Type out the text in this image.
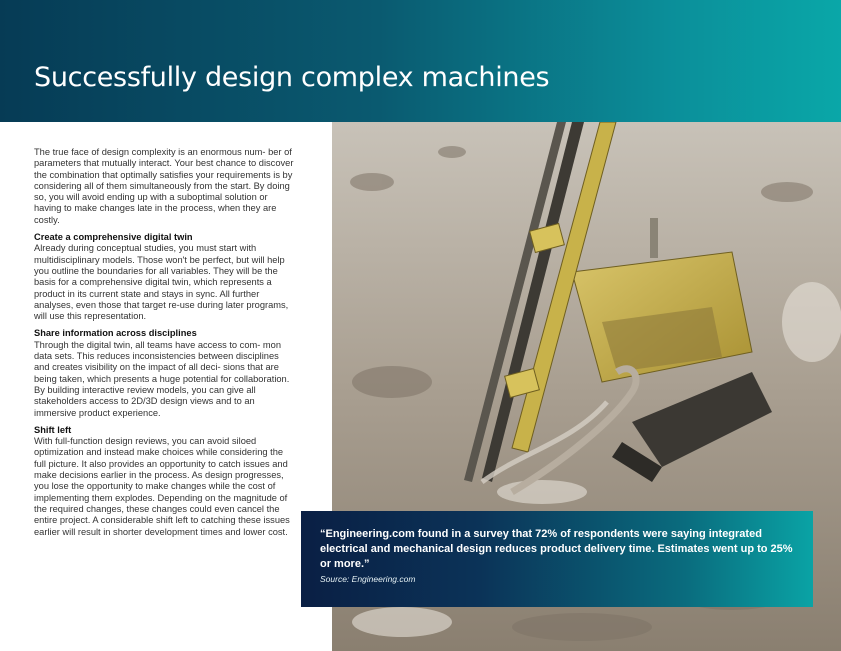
Successfully design complex machines

The true face of design complexity is an enormous num- ber of parameters that mutually interact. Your best chance to discover the combination that optimally satisfies your requirements is by considering all of them simultaneously from the start. By doing so, you will avoid ending up with a suboptimal solution or having to make changes late in the process, when they are costly.

Create a comprehensive digital twin

Already during conceptual studies, you must start with multidisciplinary models. Those won't be perfect, but will help you outline the boundaries for all variables. They will be the basis for a comprehensive digital twin, which represents a product in its current state and stays in sync. All further analyses, even those that target re-use during later programs, will use this representation.

Share information across disciplines

Through the digital twin, all teams have access to com- mon data sets. This reduces inconsistencies between disciplines and creates visibility on the impact of all deci- sions that are being taken, which presents a huge potential for collaboration. By building interactive review models, you can give all stakeholders access to 2D/3D design views and to an immersive product experience.

Shift left

With full-function design reviews, you can avoid siloed optimization and instead make choices while considering the full picture. It also provides an opportunity to catch issues and make decisions earlier in the process. As design progresses, you lose the opportunity to make changes while the cost of implementing them explodes. Depending on the magnitude of the required changes, these changes could even cancel the entire project. A considerable shift left to catching these issues earlier will result in shorter development times and lower cost.	“Engineering.com found in a survey that 72% of respondents were saying integrated electrical and mechanical design reduces product delivery time. Estimates went up to 25% or more.”

Source: Engineering.com
